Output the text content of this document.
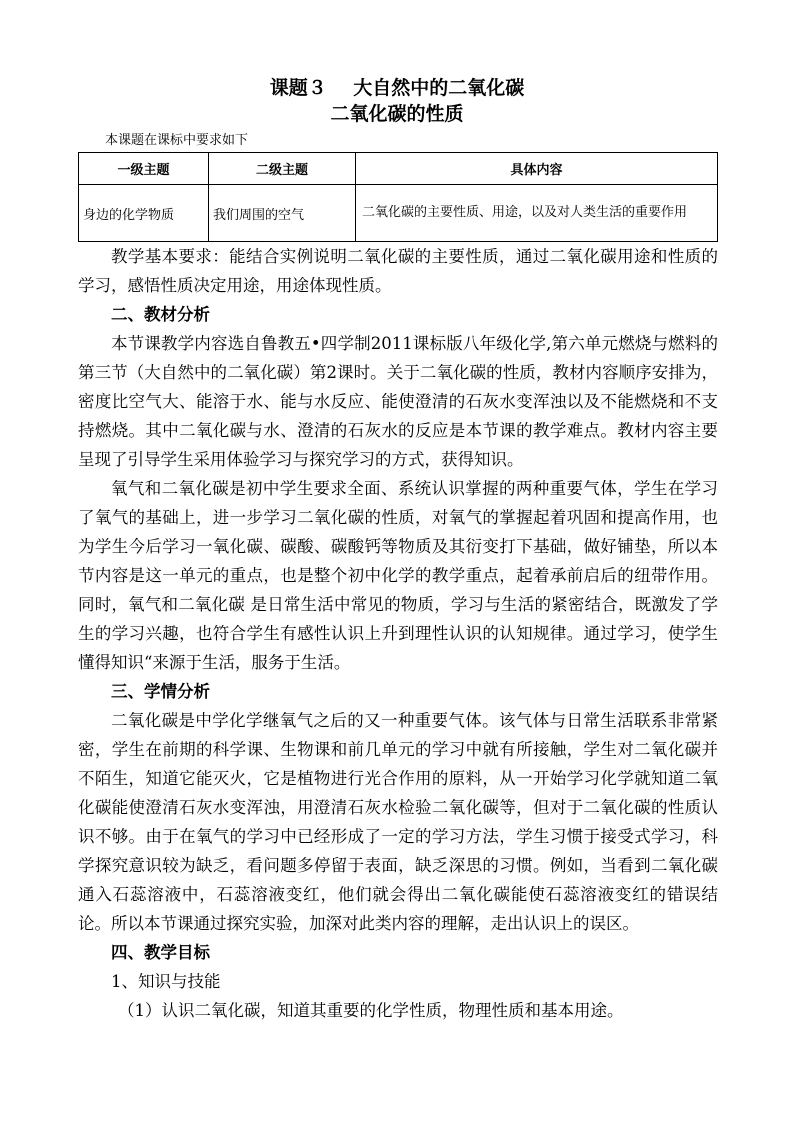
课题３    大自然中的二氧化碳
二氧化碳的性质
本课题在课标中要求如下
一级主题	二级主题	具体内容
身边的化学物质	我们周围的空气	二氧化碳的主要性质、用途，以及对人类生活的重要作用

教学基本要求：能结合实例说明二氧化碳的主要性质，通过二氧化碳用途和性质的学习，感悟性质决定用途，用途体现性质。

二、教材分析

本节课教学内容选自鲁教五•四学制2011课标版八年级化学,第六单元燃烧与燃料的第三节（大自然中的二氧化碳）第2课时。关于二氧化碳的性质，教材内容顺序安排为，密度比空气大、能溶于水、能与水反应、能使澄清的石灰水变浑浊以及不能燃烧和不支持燃烧。其中二氧化碳与水、澄清的石灰水的反应是本节课的教学难点。教材内容主要呈现了引导学生采用体验学习与探究学习的方式，获得知识。

氧气和二氧化碳是初中学生要求全面、系统认识掌握的两种重要气体，学生在学习了氧气的基础上，进一步学习二氧化碳的性质，对氧气的掌握起着巩固和提高作用，也为学生今后学习一氧化碳、碳酸、碳酸钙等物质及其衍变打下基础，做好铺垫，所以本节内容是这一单元的重点，也是整个初中化学的教学重点，起着承前启后的纽带作用。同时，氧气和二氧化碳 是日常生活中常见的物质，学习与生活的紧密结合，既激发了学生的学习兴趣，也符合学生有感性认识上升到理性认识的认知规律。通过学习，使学生懂得知识“来源于生活，服务于生活。

三、学情分析

二氧化碳是中学化学继氧气之后的又一种重要气体。该气体与日常生活联系非常紧密，学生在前期的科学课、生物课和前几单元的学习中就有所接触，学生对二氧化碳并不陌生，知道它能灭火，它是植物进行光合作用的原料，从一开始学习化学就知道二氧化碳能使澄清石灰水变浑浊，用澄清石灰水检验二氧化碳等，但对于二氧化碳的性质认识不够。由于在氧气的学习中已经形成了一定的学习方法，学生习惯于接受式学习，科学探究意识较为缺乏，看问题多停留于表面，缺乏深思的习惯。例如，当看到二氧化碳通入石蕊溶液中，石蕊溶液变红，他们就会得出二氧化碳能使石蕊溶液变红的错误结论。所以本节课通过探究实验，加深对此类内容的理解，走出认识上的误区。

四、教学目标

1、知识与技能

（1）认识二氧化碳，知道其重要的化学性质，物理性质和基本用途。
